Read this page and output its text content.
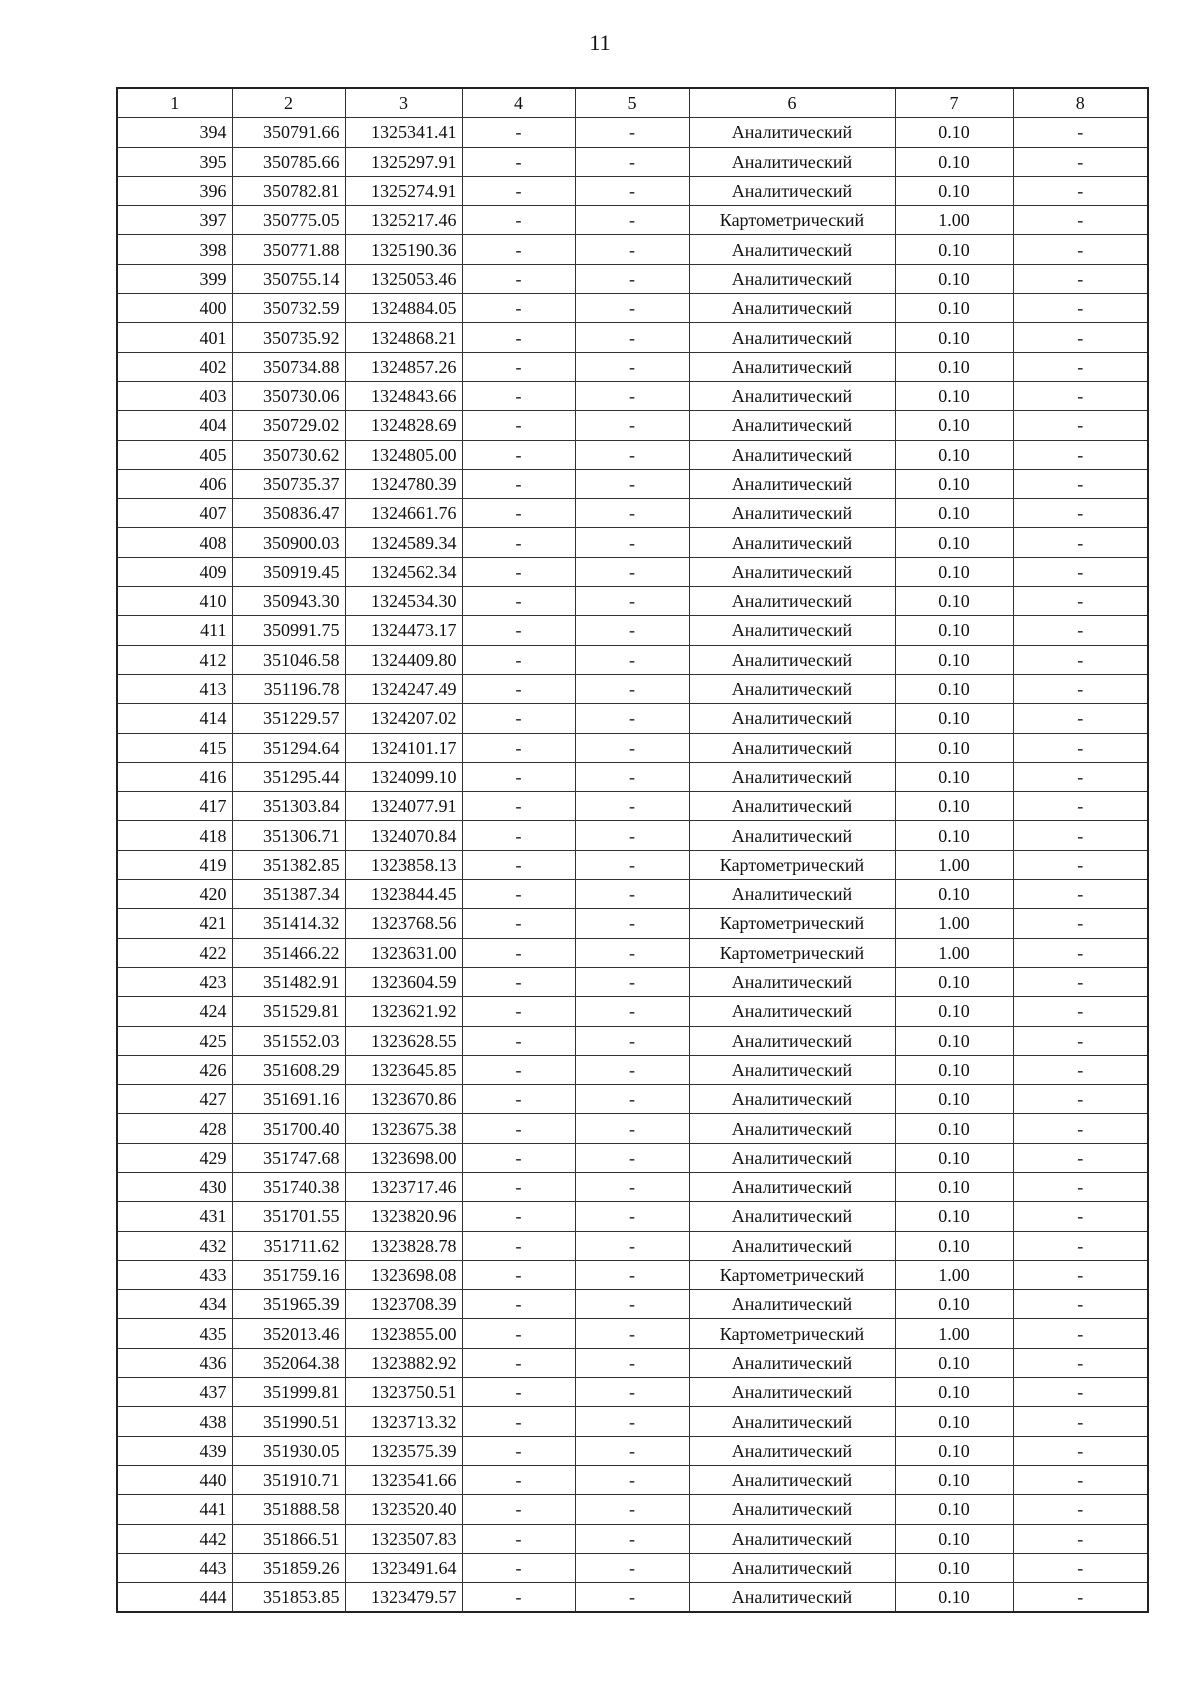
11
1	2	3	4	5	6	7	8
394	350791.66	1325341.41	-	-	Аналитический	0.10	-
395	350785.66	1325297.91	-	-	Аналитический	0.10	-
396	350782.81	1325274.91	-	-	Аналитический	0.10	-
397	350775.05	1325217.46	-	-	Картометрический	1.00	-
398	350771.88	1325190.36	-	-	Аналитический	0.10	-
399	350755.14	1325053.46	-	-	Аналитический	0.10	-
400	350732.59	1324884.05	-	-	Аналитический	0.10	-
401	350735.92	1324868.21	-	-	Аналитический	0.10	-
402	350734.88	1324857.26	-	-	Аналитический	0.10	-
403	350730.06	1324843.66	-	-	Аналитический	0.10	-
404	350729.02	1324828.69	-	-	Аналитический	0.10	-
405	350730.62	1324805.00	-	-	Аналитический	0.10	-
406	350735.37	1324780.39	-	-	Аналитический	0.10	-
407	350836.47	1324661.76	-	-	Аналитический	0.10	-
408	350900.03	1324589.34	-	-	Аналитический	0.10	-
409	350919.45	1324562.34	-	-	Аналитический	0.10	-
410	350943.30	1324534.30	-	-	Аналитический	0.10	-
411	350991.75	1324473.17	-	-	Аналитический	0.10	-
412	351046.58	1324409.80	-	-	Аналитический	0.10	-
413	351196.78	1324247.49	-	-	Аналитический	0.10	-
414	351229.57	1324207.02	-	-	Аналитический	0.10	-
415	351294.64	1324101.17	-	-	Аналитический	0.10	-
416	351295.44	1324099.10	-	-	Аналитический	0.10	-
417	351303.84	1324077.91	-	-	Аналитический	0.10	-
418	351306.71	1324070.84	-	-	Аналитический	0.10	-
419	351382.85	1323858.13	-	-	Картометрический	1.00	-
420	351387.34	1323844.45	-	-	Аналитический	0.10	-
421	351414.32	1323768.56	-	-	Картометрический	1.00	-
422	351466.22	1323631.00	-	-	Картометрический	1.00	-
423	351482.91	1323604.59	-	-	Аналитический	0.10	-
424	351529.81	1323621.92	-	-	Аналитический	0.10	-
425	351552.03	1323628.55	-	-	Аналитический	0.10	-
426	351608.29	1323645.85	-	-	Аналитический	0.10	-
427	351691.16	1323670.86	-	-	Аналитический	0.10	-
428	351700.40	1323675.38	-	-	Аналитический	0.10	-
429	351747.68	1323698.00	-	-	Аналитический	0.10	-
430	351740.38	1323717.46	-	-	Аналитический	0.10	-
431	351701.55	1323820.96	-	-	Аналитический	0.10	-
432	351711.62	1323828.78	-	-	Аналитический	0.10	-
433	351759.16	1323698.08	-	-	Картометрический	1.00	-
434	351965.39	1323708.39	-	-	Аналитический	0.10	-
435	352013.46	1323855.00	-	-	Картометрический	1.00	-
436	352064.38	1323882.92	-	-	Аналитический	0.10	-
437	351999.81	1323750.51	-	-	Аналитический	0.10	-
438	351990.51	1323713.32	-	-	Аналитический	0.10	-
439	351930.05	1323575.39	-	-	Аналитический	0.10	-
440	351910.71	1323541.66	-	-	Аналитический	0.10	-
441	351888.58	1323520.40	-	-	Аналитический	0.10	-
442	351866.51	1323507.83	-	-	Аналитический	0.10	-
443	351859.26	1323491.64	-	-	Аналитический	0.10	-
444	351853.85	1323479.57	-	-	Аналитический	0.10	-
